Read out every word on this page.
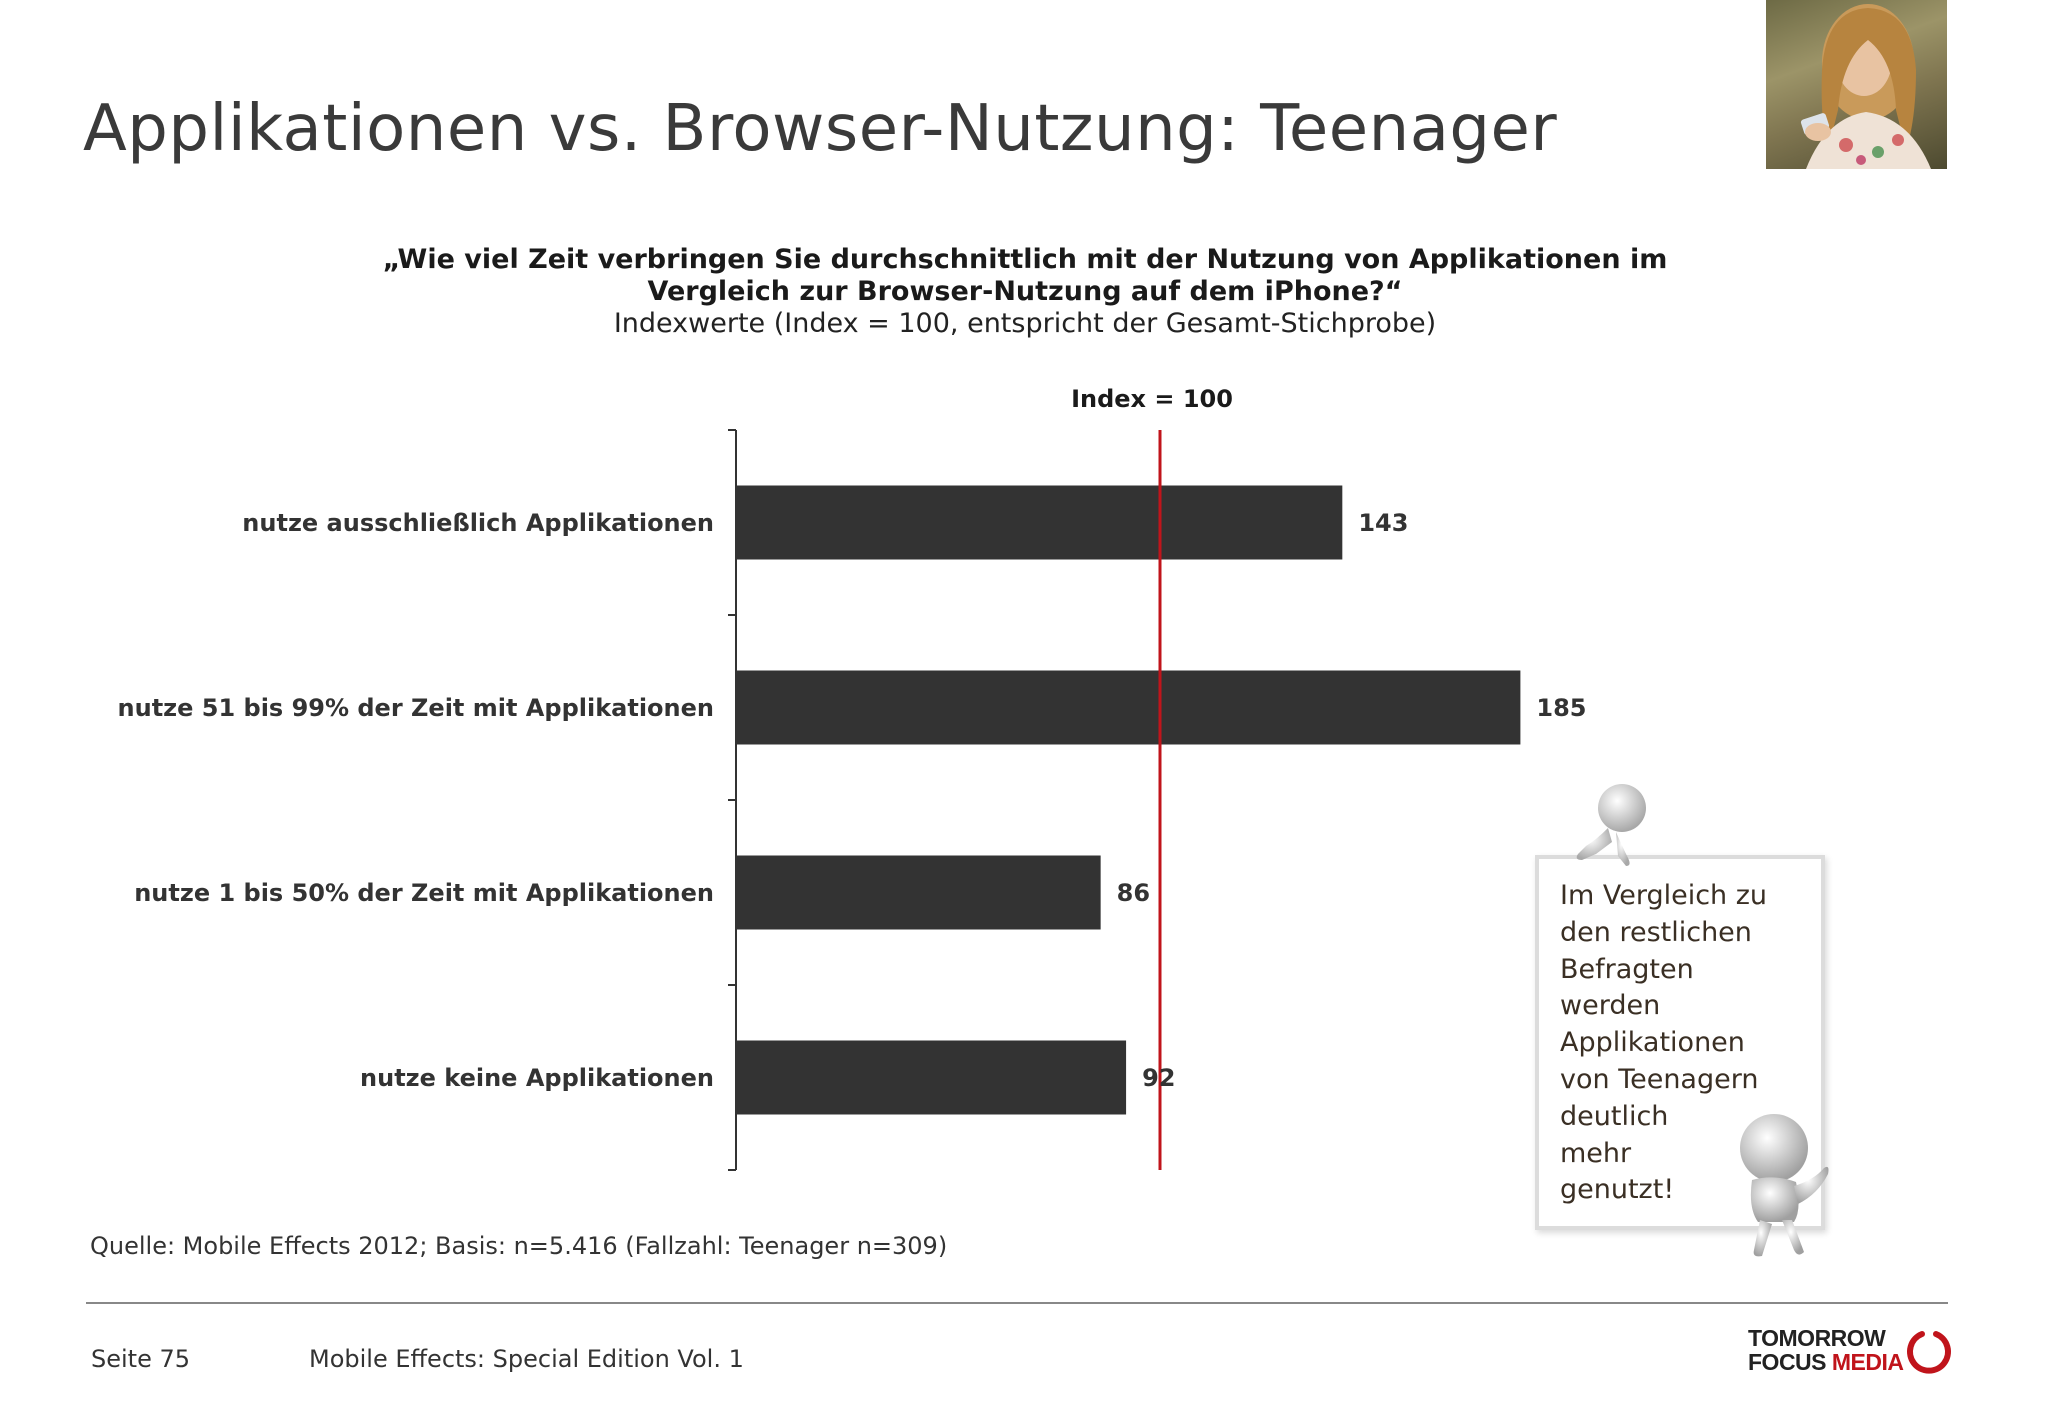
Applikationen vs. Browser-Nutzung: Teenager
„Wie viel Zeit verbringen Sie durchschnittlich mit der Nutzung von Applikationen im
Vergleich zur Browser-Nutzung auf dem iPhone?“
Indexwerte (Index = 100, entspricht der Gesamt-Stichprobe)
Index = 100
nutze ausschließlich Applikationen	143
nutze 51 bis 99% der Zeit mit Applikationen	185
nutze 1 bis 50% der Zeit mit Applikationen	86
nutze keine Applikationen	92
Im Vergleich zu
den restlichen
Befragten
werden
Applikationen
von Teenagern
deutlich
mehr
genutzt!
Quelle: Mobile Effects 2012; Basis: n=5.416 (Fallzahl: Teenager n=309)
Seite 75	Mobile Effects: Special Edition Vol. 1
TOMORROW
FOCUS MEDIA
